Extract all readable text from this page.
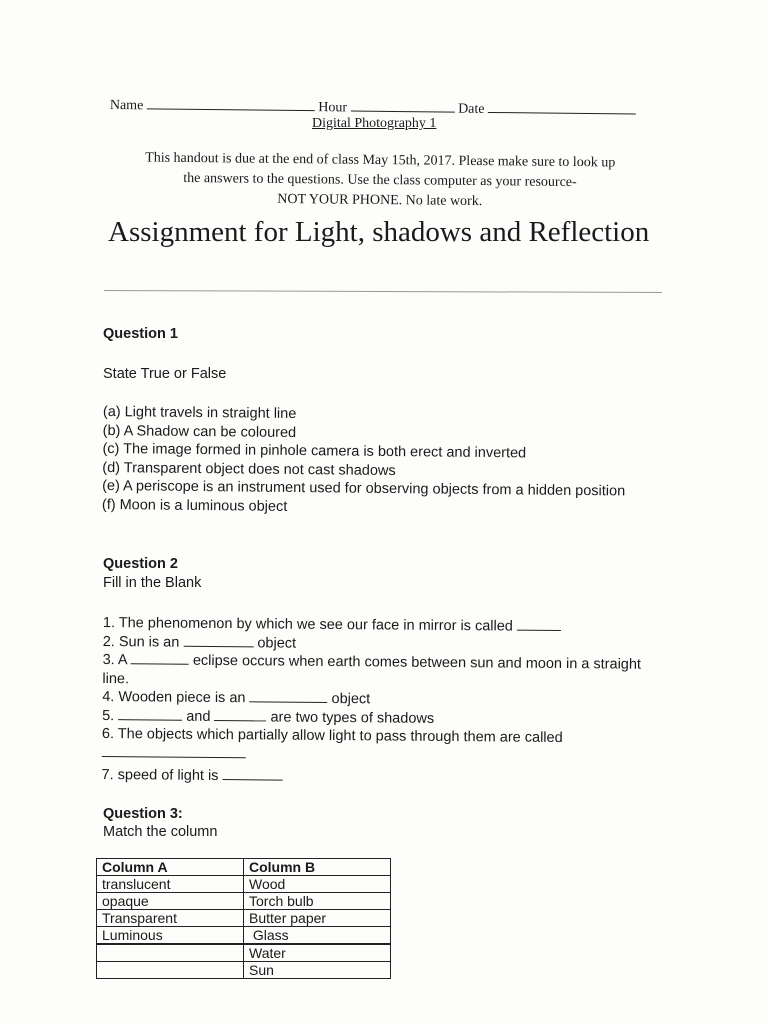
Name	Hour	Date
Digital Photography 1
This handout is due at the end of class May 15th, 2017. Please make sure to look up
the answers to the questions. Use the class computer as your resource-
NOT YOUR PHONE. No late work.
Assignment for Light, shadows and Reflection
Question 1
State True or False
(a) Light travels in straight line
(b) A Shadow can be coloured
(c) The image formed in pinhole camera is both erect and inverted
(d) Transparent object does not cast shadows
(e) A periscope is an instrument used for observing objects from a hidden position
(f) Moon is a luminous object
Question 2
Fill in the Blank
1. The phenomenon by which we see our face in mirror is called
2. Sun is an	object
3. A	eclipse occurs when earth comes between sun and moon in a straight line.
4. Wooden piece is an	object
5.	and	are two types of shadows
6. The objects which partially allow light to pass through them are called
7. speed of light is
Question 3:
Match the column
Column A	Column B
translucent	Wood
opaque	Torch bulb
Transparent	Butter paper
Luminous	Glass
	Water
	Sun
